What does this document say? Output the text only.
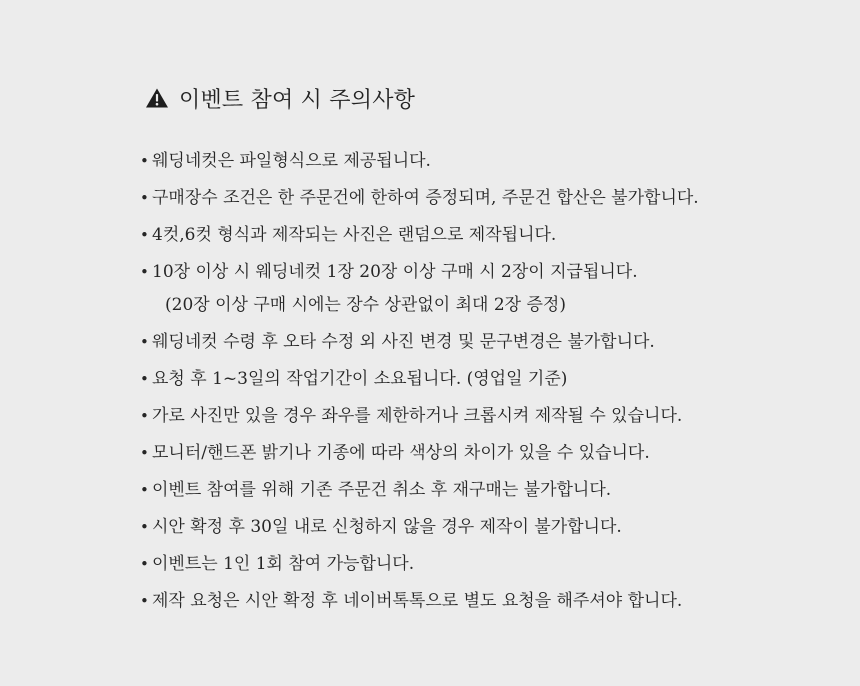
이벤트 참여 시 주의사항
• 웨딩네컷은 파일형식으로 제공됩니다.
• 구매장수 조건은 한 주문건에 한하여 증정되며, 주문건 합산은 불가합니다.
• 4컷,6컷 형식과 제작되는 사진은 랜덤으로 제작됩니다.
• 10장 이상 시 웨딩네컷 1장 20장 이상 구매 시 2장이 지급됩니다.
(20장 이상 구매 시에는 장수 상관없이 최대 2장 증정)
• 웨딩네컷 수령 후 오타 수정 외 사진 변경 및 문구변경은 불가합니다.
• 요청 후 1~3일의 작업기간이 소요됩니다. (영업일 기준)
• 가로 사진만 있을 경우 좌우를 제한하거나 크롭시켜 제작될 수 있습니다.
• 모니터/핸드폰 밝기나 기종에 따라 색상의 차이가 있을 수 있습니다.
• 이벤트 참여를 위해 기존 주문건 취소 후 재구매는 불가합니다.
• 시안 확정 후 30일 내로 신청하지 않을 경우 제작이 불가합니다.
• 이벤트는 1인 1회 참여 가능합니다.
• 제작 요청은 시안 확정 후 네이버톡톡으로 별도 요청을 해주셔야 합니다.
